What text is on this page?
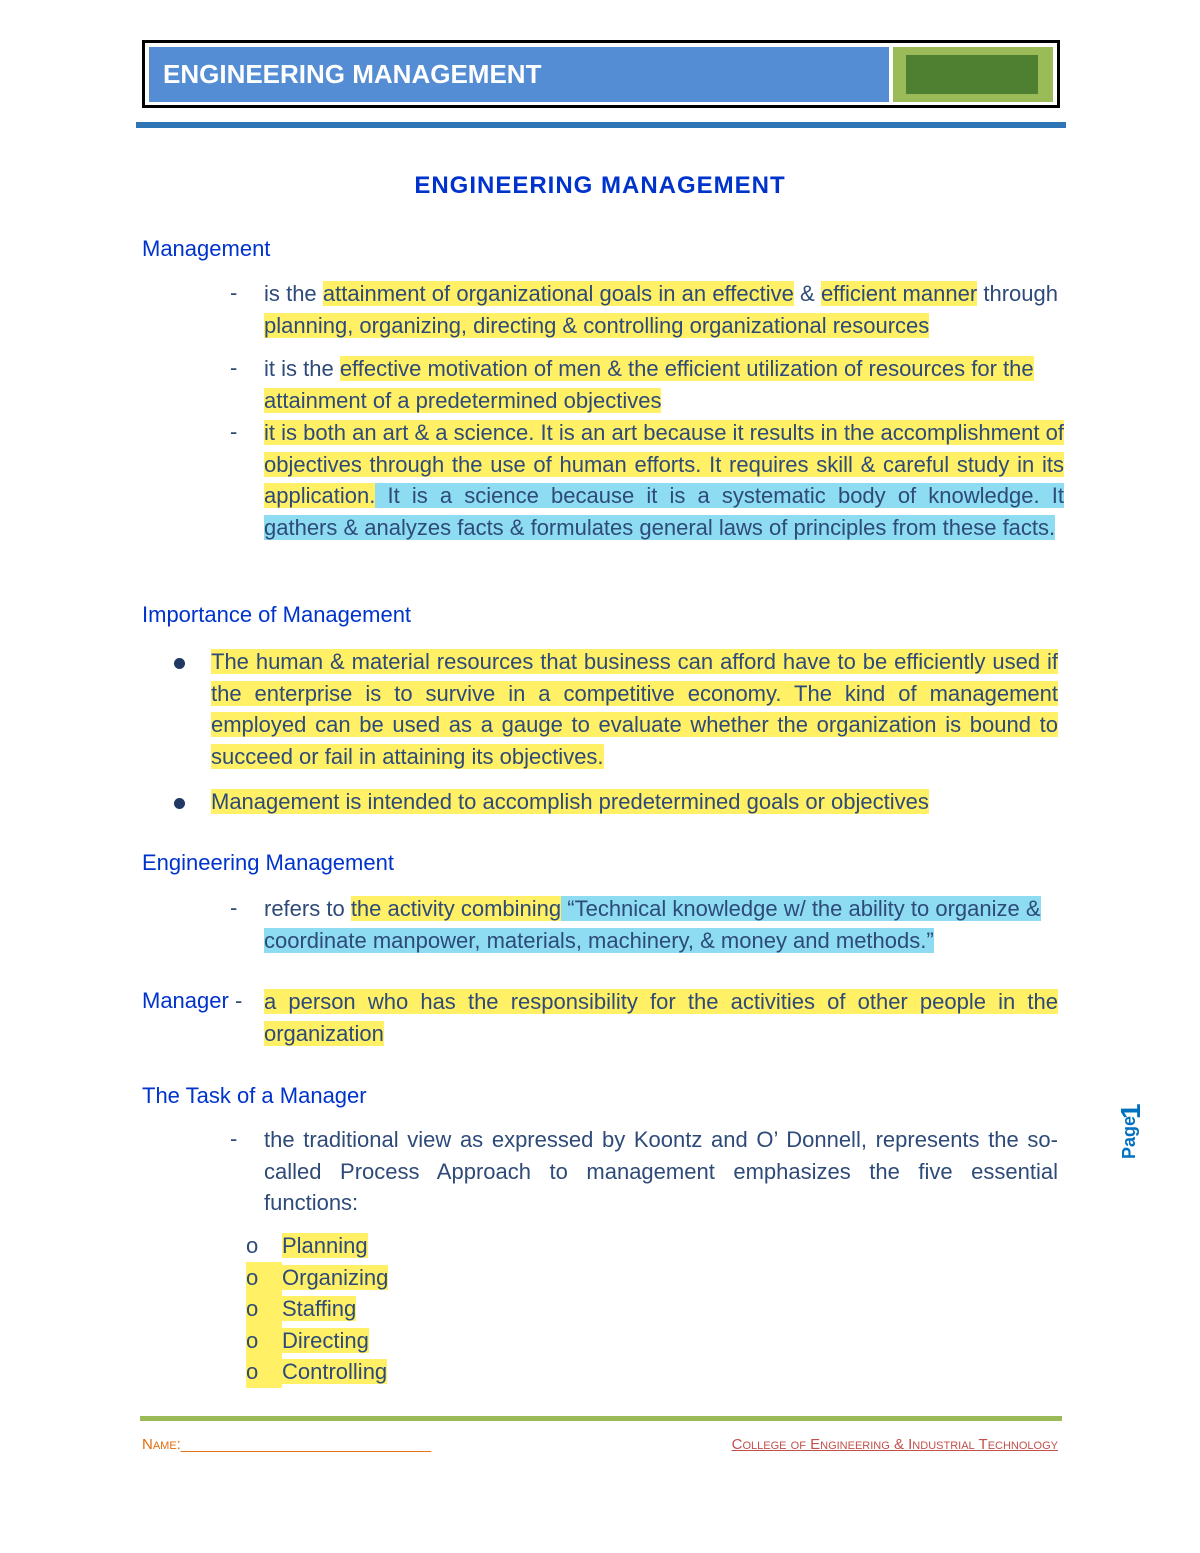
ENGINEERING MANAGEMENT
ENGINEERING MANAGEMENT
Management
- is the attainment of organizational goals in an effective & efficient manner through planning, organizing, directing & controlling organizational resources
- it is the effective motivation of men & the efficient utilization of resources for the attainment of a predetermined objectives
- it is both an art & a science. It is an art because it results in the accomplishment of objectives through the use of human efforts. It requires skill & careful study in its application. It is a science because it is a systematic body of knowledge. It gathers & analyzes facts & formulates general laws of principles from these facts.
Importance of Management
The human & material resources that business can afford have to be efficiently used if the enterprise is to survive in a competitive economy. The kind of management employed can be used as a gauge to evaluate whether the organization is bound to succeed or fail in attaining its objectives.
Management is intended to accomplish predetermined goals or objectives
Engineering Management
- refers to the activity combining “Technical knowledge w/ the ability to organize & coordinate manpower, materials, machinery, & money and methods.”
Manager - a person who has the responsibility for the activities of other people in the organization
The Task of a Manager
- the traditional view as expressed by Koontz and O’ Donnell, represents the so-called Process Approach to management emphasizes the five essential functions:
o Planning
o Organizing
o Staffing
o Directing
o Controlling
Page
1
Name:______________________________	College of Engineering & Industrial Technology
